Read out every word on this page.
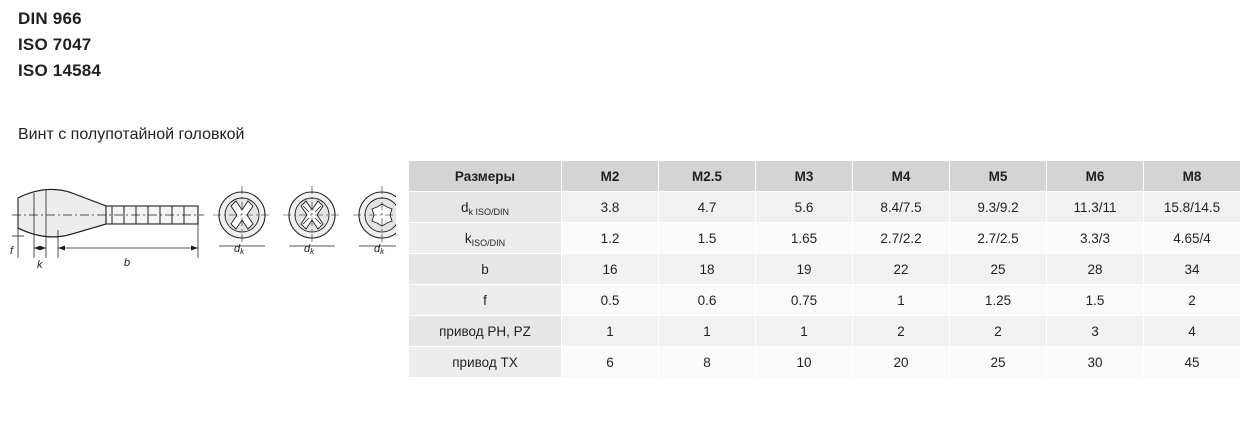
DIN 966
ISO 7047
ISO 14584
Винт с полупотайной головкой
f
k	b
dk	dk	dk
Размеры	M2	M2.5	M3	M4	M5	M6	M8
$d_{k ISO/DIN}$	3.8	4.7	5.6	8.4/7.5	9.3/9.2	11.3/11	15.8/14.5
$k_{ISO/DIN}$	1.2	1.5	1.65	2.7/2.2	2.7/2.5	3.3/3	4.65/4
b	16	18	19	22	25	28	34
f	0.5	0.6	0.75	1	1.25	1.5	2
привод PH, PZ	1	1	1	2	2	3	4
привод TX	6	8	10	20	25	30	45
